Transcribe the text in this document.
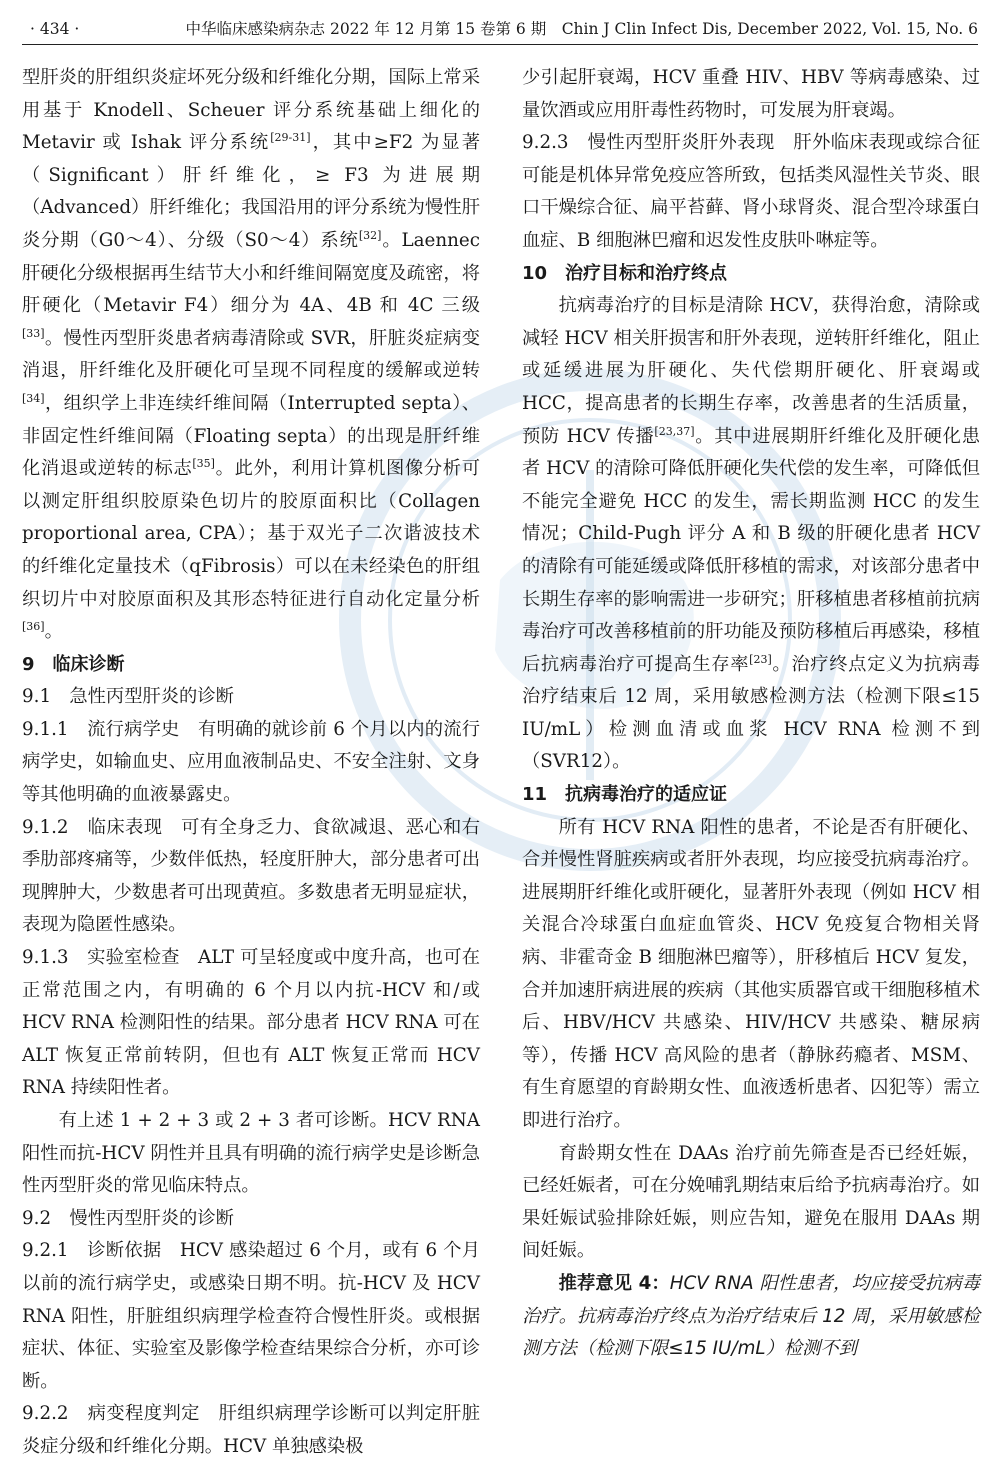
· 434 ·	中华临床感染病杂志 2022 年 12 月第 15 卷第 6 期　Chin J Clin Infect Dis, December 2022, Vol. 15, No. 6

型肝炎的肝组织炎症坏死分级和纤维化分期，国际上常采用基于 Knodell、Scheuer 评分系统基础上细化的 Metavir 或 Ishak 评分系统[29-31]，其中≥F2 为显著（Significant）肝纤维化，≥ F3 为进展期（Advanced）肝纤维化；我国沿用的评分系统为慢性肝炎分期（G0～4）、分级（S0～4）系统[32]。Laennec 肝硬化分级根据再生结节大小和纤维间隔宽度及疏密，将肝硬化（Metavir F4）细分为 4A、4B 和 4C 三级[33]。慢性丙型肝炎患者病毒清除或 SVR，肝脏炎症病变消退，肝纤维化及肝硬化可呈现不同程度的缓解或逆转[34]，组织学上非连续纤维间隔（Interrupted septa）、非固定性纤维间隔（Floating septa）的出现是肝纤维化消退或逆转的标志[35]。此外，利用计算机图像分析可以测定肝组织胶原染色切片的胶原面积比（Collagen proportional area, CPA）；基于双光子二次谐波技术的纤维化定量技术（qFibrosis）可以在未经染色的肝组织切片中对胶原面积及其形态特征进行自动化定量分析[36]。

9　临床诊断

9.1　急性丙型肝炎的诊断

9.1.1　流行病学史　有明确的就诊前 6 个月以内的流行病学史，如输血史、应用血液制品史、不安全注射、文身等其他明确的血液暴露史。

9.1.2　临床表现　可有全身乏力、食欲减退、恶心和右季肋部疼痛等，少数伴低热，轻度肝肿大，部分患者可出现脾肿大，少数患者可出现黄疸。多数患者无明显症状，表现为隐匿性感染。

9.1.3　实验室检查　ALT 可呈轻度或中度升高，也可在正常范围之内，有明确的 6 个月以内抗-HCV 和/或 HCV RNA 检测阳性的结果。部分患者 HCV RNA 可在 ALT 恢复正常前转阴，但也有 ALT 恢复正常而 HCV RNA 持续阳性者。

有上述 1 + 2 + 3 或 2 + 3 者可诊断。HCV RNA 阳性而抗-HCV 阴性并且具有明确的流行病学史是诊断急性丙型肝炎的常见临床特点。

9.2　慢性丙型肝炎的诊断

9.2.1　诊断依据　HCV 感染超过 6 个月，或有 6 个月以前的流行病学史，或感染日期不明。抗-HCV 及 HCV RNA 阳性，肝脏组织病理学检查符合慢性肝炎。或根据症状、体征、实验室及影像学检查结果综合分析，亦可诊断。

9.2.2　病变程度判定　肝组织病理学诊断可以判定肝脏炎症分级和纤维化分期。HCV 单独感染极

少引起肝衰竭，HCV 重叠 HIV、HBV 等病毒感染、过量饮酒或应用肝毒性药物时，可发展为肝衰竭。

9.2.3　慢性丙型肝炎肝外表现　肝外临床表现或综合征可能是机体异常免疫应答所致，包括类风湿性关节炎、眼口干燥综合征、扁平苔藓、肾小球肾炎、混合型冷球蛋白血症、B 细胞淋巴瘤和迟发性皮肤卟啉症等。

10　治疗目标和治疗终点

抗病毒治疗的目标是清除 HCV，获得治愈，清除或减轻 HCV 相关肝损害和肝外表现，逆转肝纤维化，阻止或延缓进展为肝硬化、失代偿期肝硬化、肝衰竭或 HCC，提高患者的长期生存率，改善患者的生活质量，预防 HCV 传播[23,37]。其中进展期肝纤维化及肝硬化患者 HCV 的清除可降低肝硬化失代偿的发生率，可降低但不能完全避免 HCC 的发生，需长期监测 HCC 的发生情况；Child-Pugh 评分 A 和 B 级的肝硬化患者 HCV 的清除有可能延缓或降低肝移植的需求，对该部分患者中长期生存率的影响需进一步研究；肝移植患者移植前抗病毒治疗可改善移植前的肝功能及预防移植后再感染，移植后抗病毒治疗可提高生存率[23]。治疗终点定义为抗病毒治疗结束后 12 周，采用敏感检测方法（检测下限≤15 IU/mL）检测血清或血浆 HCV RNA 检测不到（SVR12）。

11　抗病毒治疗的适应证

所有 HCV RNA 阳性的患者，不论是否有肝硬化、合并慢性肾脏疾病或者肝外表现，均应接受抗病毒治疗。进展期肝纤维化或肝硬化，显著肝外表现（例如 HCV 相关混合冷球蛋白血症血管炎、HCV 免疫复合物相关肾病、非霍奇金 B 细胞淋巴瘤等），肝移植后 HCV 复发，合并加速肝病进展的疾病（其他实质器官或干细胞移植术后、HBV/HCV 共感染、HIV/HCV 共感染、糖尿病等），传播 HCV 高风险的患者（静脉药瘾者、MSM、有生育愿望的育龄期女性、血液透析患者、囚犯等）需立即进行治疗。

育龄期女性在 DAAs 治疗前先筛查是否已经妊娠，已经妊娠者，可在分娩哺乳期结束后给予抗病毒治疗。如果妊娠试验排除妊娠，则应告知，避免在服用 DAAs 期间妊娠。

推荐意见 4：HCV RNA 阳性患者，均应接受抗病毒治疗。抗病毒治疗终点为治疗结束后 12 周，采用敏感检测方法（检测下限≤15 IU/mL）检测不到
